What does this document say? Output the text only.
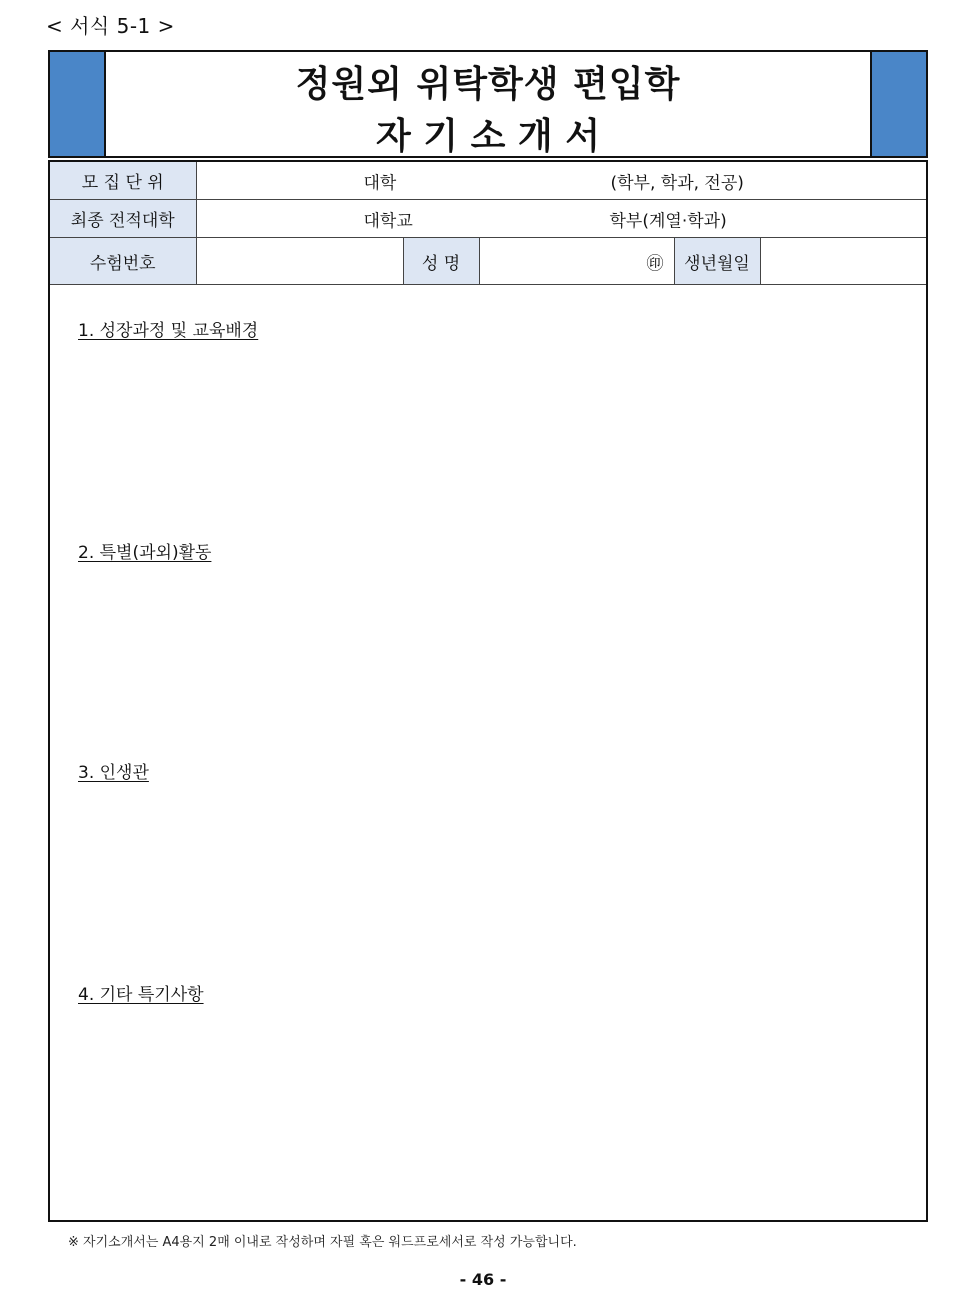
< 서식 5-1 >
정원외 위탁학생 편입학
자 기 소 개 서
모 집 단 위	대학 (학부, 학과, 전공)				

최종 전적대학	대학교 학부(계열·학과)				

수험번호		성 명	㊞	생년월일	
1. 성장과정 및 교육배경
2. 특별(과외)활동
3. 인생관
4. 기타 특기사항
※ 자기소개서는 A4용지 2매 이내로 작성하며 자필 혹은 워드프로세서로 작성 가능합니다.
- 46 -
